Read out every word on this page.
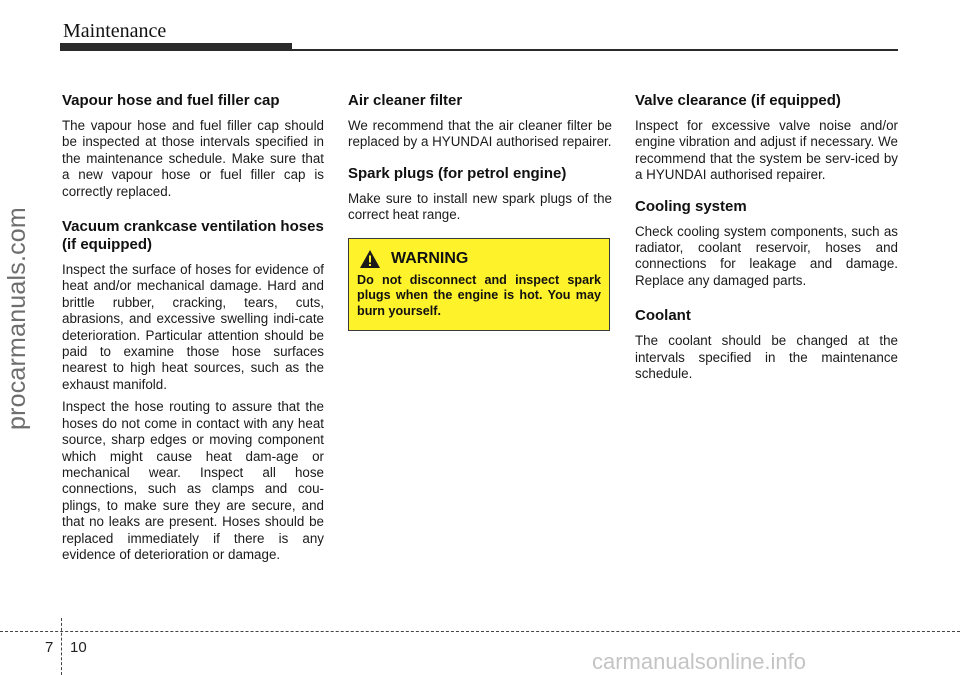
Maintenance
procarmanuals.com
Vapour hose and fuel filler cap

The vapour hose and fuel filler cap should be inspected at those intervals specified in the maintenance schedule. Make sure that a new vapour hose or fuel filler cap is correctly replaced.

Vacuum crankcase ventilation hoses (if equipped)

Inspect the surface of hoses for evidence of heat and/or mechanical damage. Hard and brittle rubber, cracking, tears, cuts, abrasions, and excessive swelling indi-cate deterioration. Particular attention should be paid to examine those hose surfaces nearest to high heat sources, such as the exhaust manifold.

Inspect the hose routing to assure that the hoses do not come in contact with any heat source, sharp edges or moving component which might cause heat dam-age or mechanical wear. Inspect all hose connections, such as clamps and cou-plings, to make sure they are secure, and that no leaks are present. Hoses should be replaced immediately if there is any evidence of deterioration or damage.

Air cleaner filter

We recommend that the air cleaner filter be replaced by a HYUNDAI authorised repairer.

Spark plugs (for petrol engine)

Make sure to install new spark plugs of the correct heat range.

WARNING
Do not disconnect and inspect spark plugs when the engine is hot. You may burn yourself.
Valve clearance (if equipped)

Inspect for excessive valve noise and/or engine vibration and adjust if necessary. We recommend that the system be serv-iced by a HYUNDAI authorised repairer.

Cooling system

Check cooling system components, such as radiator, coolant reservoir, hoses and connections for leakage and damage. Replace any damaged parts.

Coolant

The coolant should be changed at the intervals specified in the maintenance schedule.

7 10
carmanualsonline.info
